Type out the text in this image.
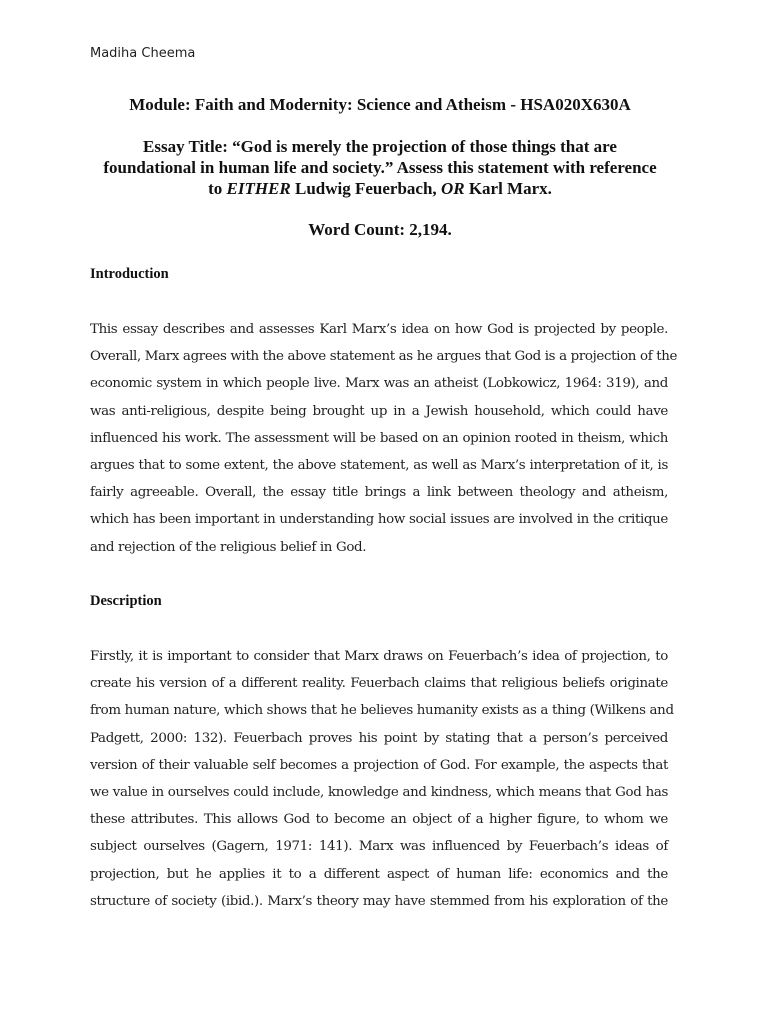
Madiha Cheema
Module: Faith and Modernity: Science and Atheism - HSA020X630A
Essay Title: “God is merely the projection of those things that are
foundational in human life and society.” Assess this statement with reference
to EITHER Ludwig Feuerbach, OR Karl Marx.
Word Count: 2,194.
Introduction
This essay describes and assesses Karl Marx’s idea on how God is projected by people.
Overall, Marx agrees with the above statement as he argues that God is a projection of the
economic system in which people live. Marx was an atheist (Lobkowicz, 1964: 319), and
was anti-religious, despite being brought up in a Jewish household, which could have
influenced his work. The assessment will be based on an opinion rooted in theism, which
argues that to some extent, the above statement, as well as Marx’s interpretation of it, is
fairly agreeable. Overall, the essay title brings a link between theology and atheism,
which has been important in understanding how social issues are involved in the critique
and rejection of the religious belief in God.
Description
Firstly, it is important to consider that Marx draws on Feuerbach’s idea of projection, to
create his version of a different reality. Feuerbach claims that religious beliefs originate
from human nature, which shows that he believes humanity exists as a thing (Wilkens and
Padgett, 2000: 132). Feuerbach proves his point by stating that a person’s perceived
version of their valuable self becomes a projection of God. For example, the aspects that
we value in ourselves could include, knowledge and kindness, which means that God has
these attributes. This allows God to become an object of a higher figure, to whom we
subject ourselves (Gagern, 1971: 141). Marx was influenced by Feuerbach’s ideas of
projection, but he applies it to a different aspect of human life: economics and the
structure of society (ibid.). Marx’s theory may have stemmed from his exploration of the
